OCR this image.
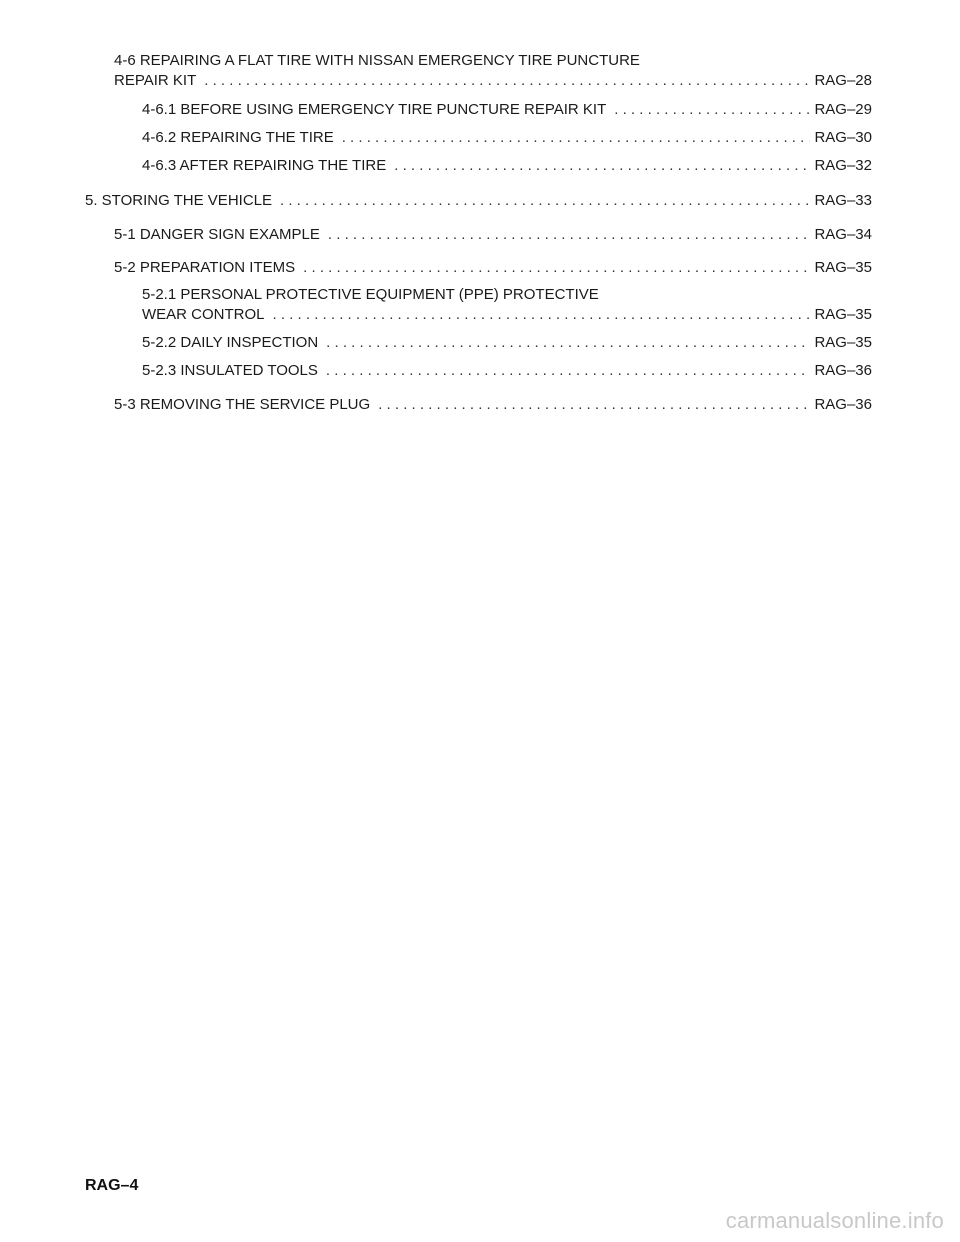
4-6 REPAIRING A FLAT TIRE WITH NISSAN EMERGENCY TIRE PUNCTURE
REPAIR KIT . . .	RAG–28
4-6.1 BEFORE USING EMERGENCY TIRE PUNCTURE REPAIR KIT . . .	RAG–29
4-6.2 REPAIRING THE TIRE . . .	RAG–30
4-6.3 AFTER REPAIRING THE TIRE . . .	RAG–32
5. STORING THE VEHICLE . . .	RAG–33
5-1 DANGER SIGN EXAMPLE . . .	RAG–34
5-2 PREPARATION ITEMS . . .	RAG–35
5-2.1 PERSONAL PROTECTIVE EQUIPMENT (PPE) PROTECTIVE
WEAR CONTROL . . .	RAG–35
5-2.2 DAILY INSPECTION . . .	RAG–35
5-2.3 INSULATED TOOLS . . .	RAG–36
5-3 REMOVING THE SERVICE PLUG . . .	RAG–36
RAG–4
carmanualsonline.info
